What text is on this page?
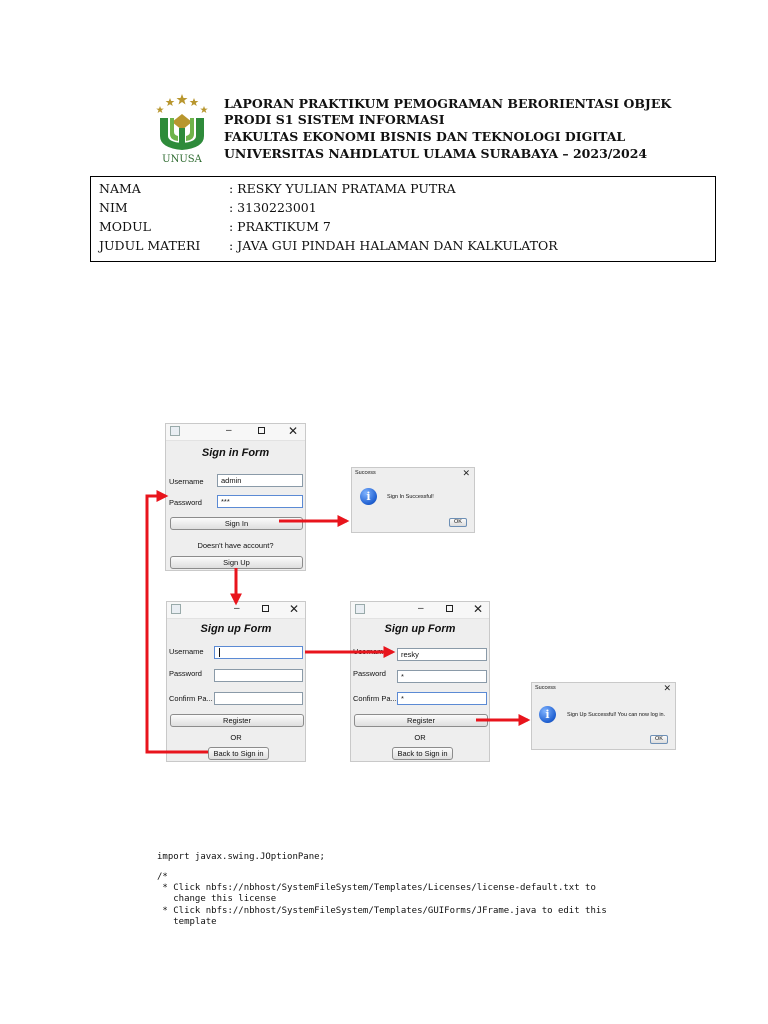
UNUSA
LAPORAN PRAKTIKUM PEMOGRAMAN BERORIENTASI OBJEK
PRODI S1 SISTEM INFORMASI
FAKULTAS EKONOMI BISNIS DAN TEKNOLOGI DIGITAL
UNIVERSITAS NAHDLATUL ULAMA SURABAYA – 2023/2024
NAMA	: RESKY YULIAN PRATAMA PUTRA
NIM	: 3130223001
MODUL	: PRAKTIKUM 7
JUDUL MATERI : JAVA GUI PINDAH HALAMAN DAN KALKULATOR
–	✕
Sign in Form
Username	admin
Password	***
Sign In
Doesn't have account?
Sign Up
Success	✕
i	Sign In Successful!
OK
–	✕
Sign up Form
Username
Password
Confirm Pa...
Register
OR
Back to Sign in
–	✕
Sign up Form
Username	resky
Password	*
Confirm Pa... *
Register
OR
Back to Sign in
Success	✕
i	Sign Up Successful! You can now log in.
OK
import javax.swing.JOptionPane;
/*
* Click nbfs://nbhost/SystemFileSystem/Templates/Licenses/license-default.txt to
change this license
* Click nbfs://nbhost/SystemFileSystem/Templates/GUIForms/JFrame.java to edit this
template
